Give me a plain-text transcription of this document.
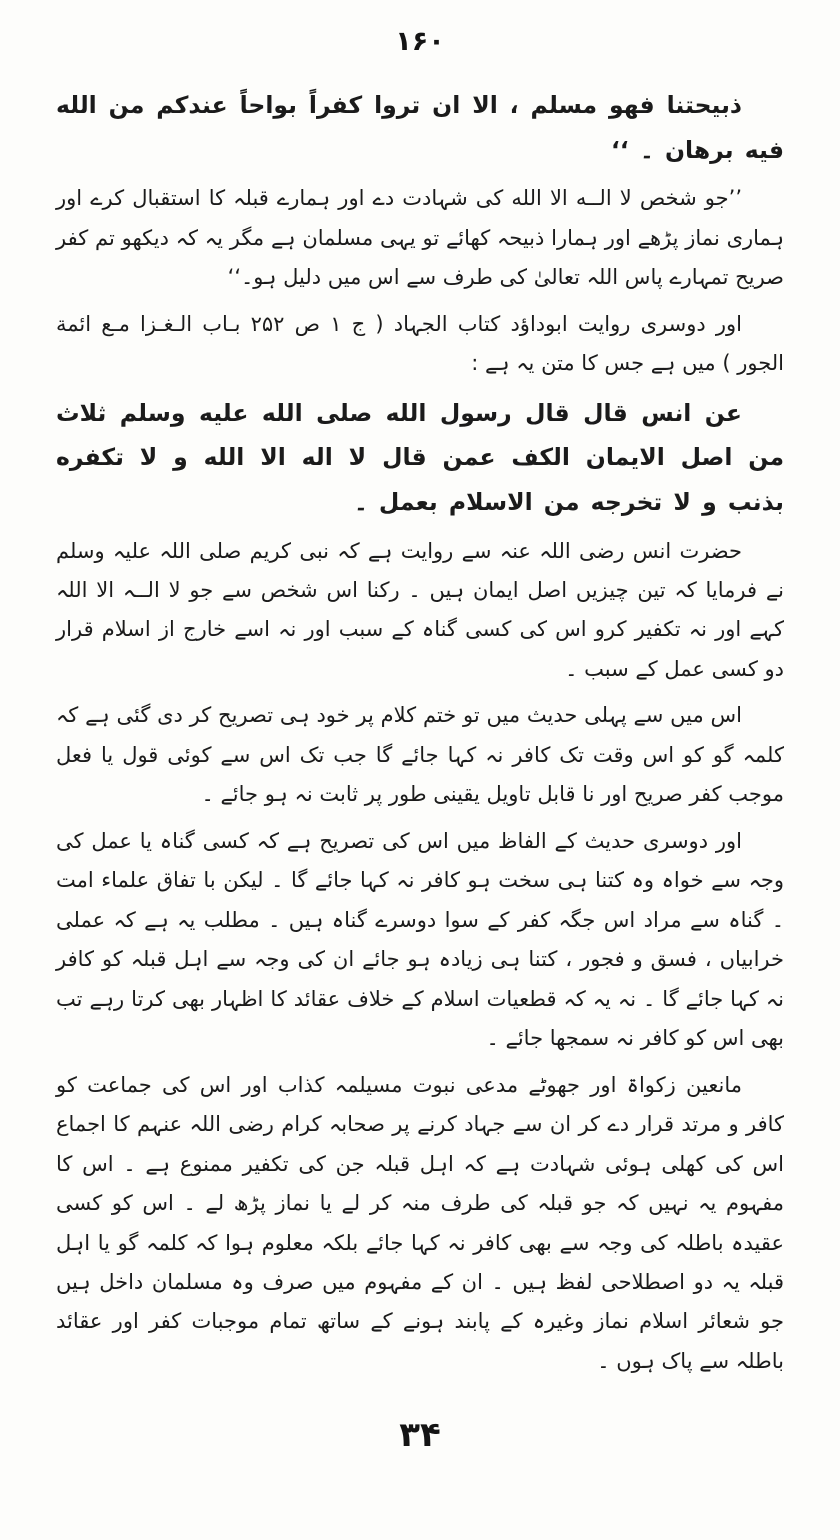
۱۶۰

ذبيحتنا فهو مسلم ، الا ان تروا كفراً بواحاً عندكم من الله فيه برهان ۔ ‘‘

’’جو شخص لا الــه الا الله کی شہادت دے اور ہمارے قبلہ کا استقبال کرے اور ہماری نماز پڑھے اور ہمارا ذبیحہ کھائے تو یہی مسلمان ہے مگر یہ کہ دیکھو تم کفر صریح تمہارے پاس اللہ تعالیٰ کی طرف سے اس میں دلیل ہو۔‘‘

اور دوسری روایت ابوداؤد کتاب الجہاد ( ج ۱ ص ۲۵۲ بـاب الـغـزا مـع ائمة الجور ) میں ہے جس کا متن یہ ہے :

عن انس قال قال رسول الله صلى الله عليه وسلم ثلاث من اصل الايمان الكف عمن قال لا اله الا الله و لا تكفره بذنب و لا تخرجه من الاسلام بعمل ۔

حضرت انس رضی اللہ عنہ سے روایت ہے کہ نبی کریم صلی اللہ علیہ وسلم نے فرمایا کہ تین چیزیں اصل ایمان ہیں ۔ رکنا اس شخص سے جو لا الــہ الا اللہ کہے اور نہ تکفیر کرو اس کی کسی گناہ کے سبب اور نہ اسے خارج از اسلام قرار دو کسی عمل کے سبب ۔

اس میں سے پہلی حدیث میں تو ختم کلام پر خود ہی تصریح کر دی گئی ہے کہ کلمہ گو کو اس وقت تک کافر نہ کہا جائے گا جب تک اس سے کوئی قول یا فعل موجب کفر صریح اور نا قابل تاویل یقینی طور پر ثابت نہ ہو جائے ۔

اور دوسری حدیث کے الفاظ میں اس کی تصریح ہے کہ کسی گناہ یا عمل کی وجہ سے خواہ وہ کتنا ہی سخت ہو کافر نہ کہا جائے گا ۔ لیکن با تفاق علماء امت ۔ گناہ سے مراد اس جگہ کفر کے سوا دوسرے گناہ ہیں ۔ مطلب یہ ہے کہ عملی خرابیاں ، فسق و فجور ، کتنا ہی زیادہ ہو جائے ان کی وجہ سے اہل قبلہ کو کافر نہ کہا جائے گا ۔ نہ یہ کہ قطعیات اسلام کے خلاف عقائد کا اظہار بھی کرتا رہے تب بھی اس کو کافر نہ سمجھا جائے ۔

مانعین زکواۃ اور جھوٹے مدعی نبوت مسیلمہ کذاب اور اس کی جماعت کو کافر و مرتد قرار دے کر ان سے جہاد کرنے پر صحابہ کرام رضی اللہ عنہم کا اجماع اس کی کھلی ہوئی شہادت ہے کہ اہل قبلہ جن کی تکفیر ممنوع ہے ۔ اس کا مفہوم یہ نہیں کہ جو قبلہ کی طرف منہ کر لے یا نماز پڑھ لے ۔ اس کو کسی عقیدہ باطلہ کی وجہ سے بھی کافر نہ کہا جائے بلکہ معلوم ہوا کہ کلمہ گو یا اہل قبلہ یہ دو اصطلاحی لفظ ہیں ۔ ان کے مفہوم میں صرف وہ مسلمان داخل ہیں جو شعائر اسلام نماز وغیرہ کے پابند ہونے کے ساتھ تمام موجبات کفر اور عقائد باطلہ سے پاک ہوں ۔

۳۴
